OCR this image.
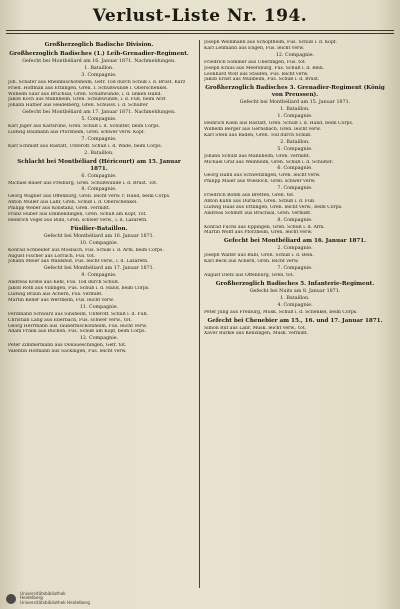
Verlust-Liste Nr. 194.
Großherzoglich Badische Division.
Großherzoglich Badisches (1.) Leib-Grenadier-Regiment.
Gefecht bei Montbéliard am 16. Januar 1871. Nachmeldungen.
1. Bataillon.
3. Compagnie.
Joh. Schäfer aus Rheinbischofsheim, Gefr. Tod durch Schuß i. d. Brust. Kurz
Fried. Hoffman aus Ettlingen, Gren. I. Schußwunde l. Oberschenkel.
Wilhelm Saur aus Bruchsal, Gren. Schußwunde, i. d. linken Hand.
Jakob Koch aus Mannheim, Gren. Schußwunde, i. d. Fuß, beim Arzt
Johann Hafner aus Heidelberg, Gren. Schussv. i. d. Schulter
Gefecht bei Montbéliard am 17. Januar 1871. Nachmeldungen.
5. Compagnie.
Karl Jäger aus Karlsruhe, Gren. Schuß i. d. Schulter, beim Corps.
Ludwig Baumann aus Pforzheim, Gren. schwer verw. Kopf.
7. Compagnie.
Karl Schmidt aus Rastatt, Unteroff. Schuß i. d. Wade, beim Corps.
2. Bataillon.
Schlacht bei Montbéliard (Héricourt) am 15. Januar 1871.
6. Compagnie.
Michael Bauer aus Freiburg, Gren. Schußwunde i. d. Brust. Tot.
8. Compagnie.
Georg Wagner aus Offenburg, Gren. leicht verw. r. Hand, beim Corps.
Anton Müller aus Lahr, Gren. Schuß i. d. Oberschenkel.
Philipp Weber aus Konstanz, Gren. vermißt.
Franz Huber aus Emmendingen, Gren. Schuß am Kopf, Tot.
Heinrich Vogel aus Bühl, Gren. schwer verw., i. d. Lazareth.
Füsilier-Bataillon.
Gefecht bei Montbéliard am 16. Januar 1871.
10. Compagnie.
Konrad Schneider aus Mosbach, Füs. Schuß i. d. Arm, beim Corps.
August Fischer aus Lörrach, Füs. tot.
Johann Meier aus Waldshut, Füs. leicht verw., i. d. Lazareth.
Gefecht bei Montbéliard am 17. Januar 1871.
9. Compagnie.
Andreas Krebs aus Kehl, Füs. Tod durch Schuß.
Jakob Roth aus Villingen, Füs. Schuß i. d. Hand, beim Corps.
Ludwig Braun aus Achern, Füs. vermißt.
Martin Keller aus Wertheim, Füs. leicht verw.
11. Compagnie.
Ferdinand Schwarz aus Sinsheim, Unteroff. Schuß i. d. Fuß.
Christian Lang aus Eberbach, Füs. schwer verw., tot.
Georg Herrmann aus Tauberbischofsheim, Füs. leicht verw.
Adam Frank aus Buchen, Füs. Schuß am Kopf, beim Corps.
12. Compagnie.
Peter Zimmermann aus Donaueschingen, Gefr. tot.
Valentin Hofmann aus Säckingen, Füs. leicht verw.
Joseph Weinmann aus Schopfheim, Füs. Schuß i. d. Kopf.
Karl Lehmann aus Engen, Füs. leicht verw.
12. Compagnie.
Friedrich Sommer aus Überlingen, Füs. tot.
Joseph Kraus aus Meersburg, Füs. Schuß i. d. Bein.
Leonhard Wolf aus Staufen, Füs. leicht verw.
Jakob Ernst aus Müllheim, Füs. Schuß i. d. Brust.
Großherzoglich Badisches 3. Grenadier-Regiment (König von Preussen).
Gefecht bei Montbéliard am 15. Januar 1871.
1. Bataillon.
1. Compagnie.
Heinrich Klein aus Rastatt, Gren. Schuß i. d. Hand, beim Corps.
Wilhelm Berger aus Gernsbach, Gren. leicht verw.
Karl Stein aus Baden, Gren. Tod durch Schuß.
2. Bataillon.
5. Compagnie.
Johann Schulz aus Mannheim, Gren. vermißt.
Michael Graf aus Weinheim, Gren. Schuß i. d. Schulter.
6. Compagnie.
Georg Hahn aus Schwetzingen, Gren. leicht verw.
Philipp Maier aus Wiesloch, Gren. schwer verw.
7. Compagnie.
Friedrich Böhm aus Bretten, Gren. tot.
Anton Kuhn aus Durlach, Gren. Schuß i. d. Fuß.
Ludwig Haas aus Ettlingen, Gren. leicht verw., beim Corps.
Andreas Schmitt aus Bruchsal, Gren. vermißt.
8. Compagnie.
Konrad Fuchs aus Eppingen, Gren. Schuß i. d. Arm.
Martin Wolff aus Pforzheim, Gren. leicht verw.
Gefecht bei Montbéliard am 16. Januar 1871.
2. Compagnie.
Joseph Walter aus Bühl, Gren. Schuß i. d. Bein.
Karl Beck aus Achern, Gren. leicht verw.
7. Compagnie.
August Dietz aus Offenburg, Gren. tot.
Großherzoglich Badisches 5. Infanterie-Regiment.
Gefecht bei Nuits am 8. Januar 1871.
1. Bataillon.
4. Compagnie.
Peter Jung aus Freiburg, Musk. Schuß i. d. Schenkel, beim Corps.
Gefecht bei Chenebier am 15., 16. und 17. Januar 1871.
Simon Ruf aus Lahr, Musk. leicht verw., tot.
Xaver Bürkle aus Kenzingen, Musk. vermißt.
Universitätsbibliothek
Heidelberg
Universitätsbibliothek Heidelberg
